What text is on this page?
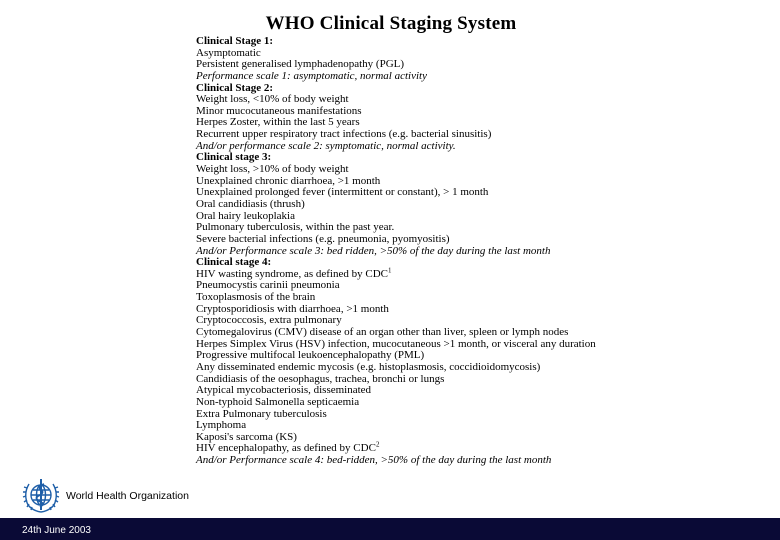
WHO Clinical Staging System
Clinical Stage 1:
Asymptomatic
Persistent generalised lymphadenopathy (PGL)
Performance scale 1: asymptomatic, normal activity
Clinical Stage 2:
Weight loss, <10% of body weight
Minor mucocutaneous manifestations
Herpes Zoster, within the last 5 years
Recurrent upper respiratory tract infections (e.g. bacterial sinusitis)
And/or performance scale 2: symptomatic, normal activity.
Clinical stage 3:
Weight loss, >10% of body weight
Unexplained chronic diarrhoea, >1 month
Unexplained prolonged fever (intermittent or constant), > 1 month
Oral candidiasis (thrush)
Oral hairy leukoplakia
Pulmonary tuberculosis, within the past year.
Severe bacterial infections (e.g. pneumonia, pyomyositis)
And/or Performance scale 3: bed ridden, >50% of the day during the last month
Clinical stage 4:
HIV wasting syndrome, as defined by CDC$^1$
Pneumocystis carinii pneumonia
Toxoplasmosis of the brain
Cryptosporidiosis with diarrhoea, >1 month
Cryptococcosis, extra pulmonary
Cytomegalovirus (CMV) disease of an organ other than liver, spleen or lymph nodes
Herpes Simplex Virus (HSV) infection, mucocutaneous >1 month, or visceral any duration
Progressive multifocal leukoencephalopathy (PML)
Any disseminated endemic mycosis (e.g. histoplasmosis, coccidioidomycosis)
Candidiasis of the oesophagus, trachea, bronchi or lungs
Atypical mycobacteriosis, disseminated
Non-typhoid Salmonella septicaemia
Extra Pulmonary tuberculosis
Lymphoma
Kaposi's sarcoma (KS)
HIV encephalopathy, as defined by CDC$^2$
And/or Performance scale 4: bed-ridden, >50% of the day during the last month
World Health Organization
24th June 2003
